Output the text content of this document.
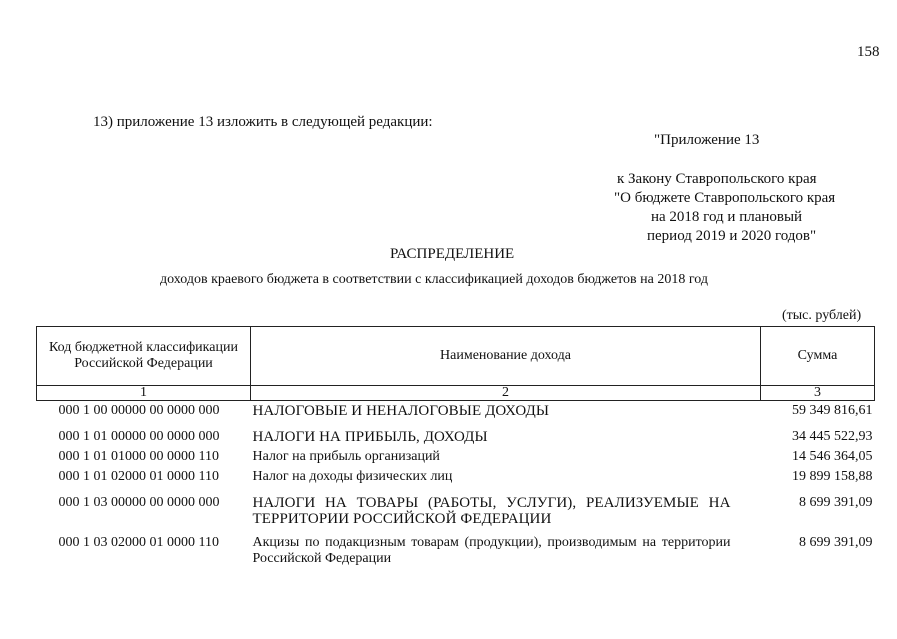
158
13) приложение 13 изложить в следующей редакции:
"Приложение 13
к Закону Ставропольского края
"О бюджете Ставропольского края
на 2018 год и плановый
период 2019 и 2020 годов"
РАСПРЕДЕЛЕНИЕ
доходов краевого бюджета в соответствии с классификацией доходов бюджетов на 2018 год
(тыс. рублей)
Код бюджетной классификации Российской Федерации	Наименование дохода	Сумма
1	2	3
000 1 00 00000 00 0000 000	НАЛОГОВЫЕ И НЕНАЛОГОВЫЕ ДОХОДЫ	59 349 816,61
000 1 01 00000 00 0000 000	НАЛОГИ НА ПРИБЫЛЬ, ДОХОДЫ	34 445 522,93
000 1 01 01000 00 0000 110	Налог на прибыль организаций	14 546 364,05
000 1 01 02000 01 0000 110	Налог на доходы физических лиц	19 899 158,88
000 1 03 00000 00 0000 000	НАЛОГИ НА ТОВАРЫ (РАБОТЫ, УСЛУГИ), РЕАЛИЗУЕМЫЕ НА ТЕРРИТОРИИ РОССИЙСКОЙ ФЕДЕРАЦИИ	8 699 391,09
000 1 03 02000 01 0000 110	Акцизы по подакцизным товарам (продукции), производимым на территории Российской Федерации	8 699 391,09
